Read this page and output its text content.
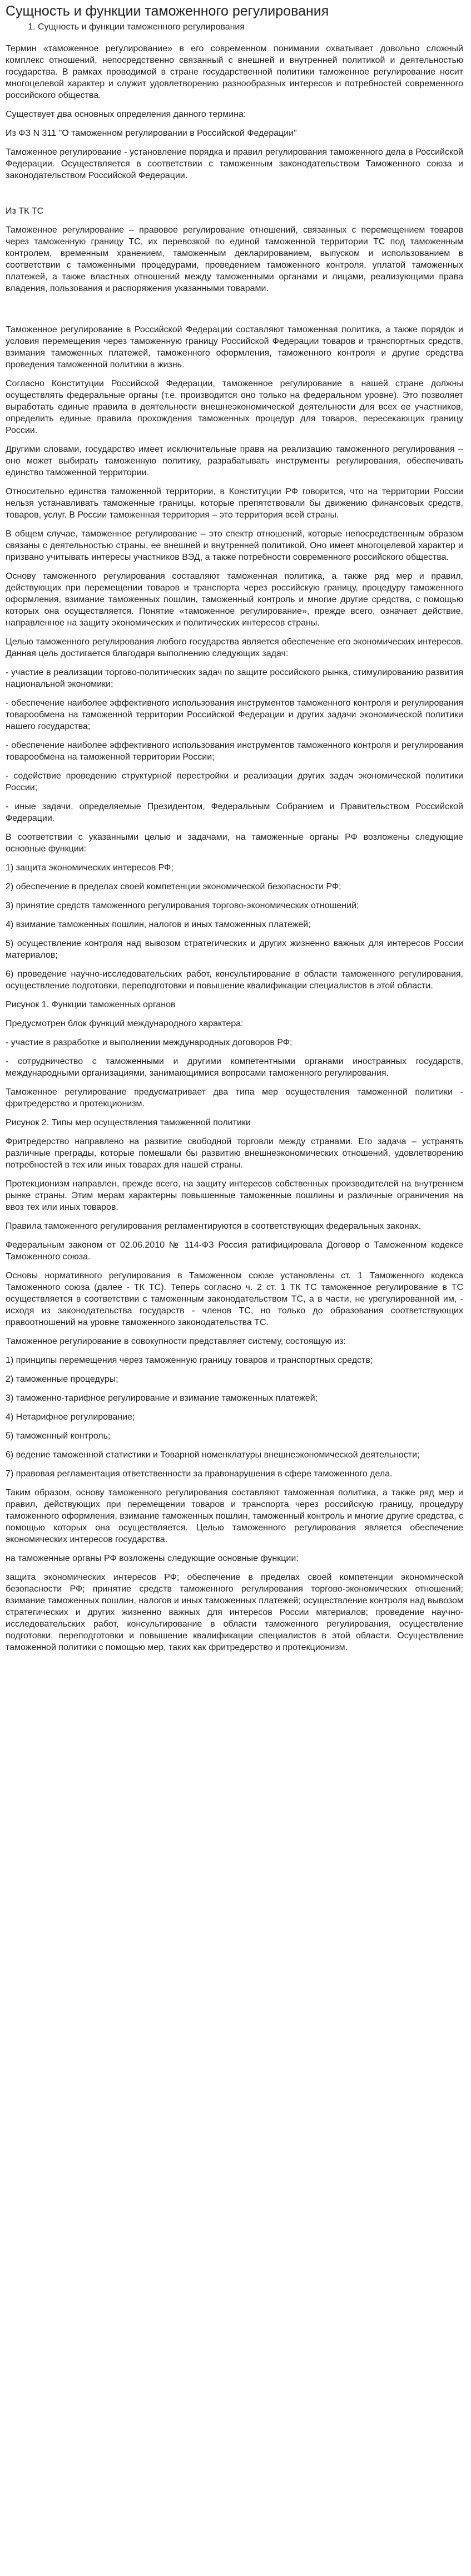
Сущность и функции таможенного регулирования
1. Сущность и функции таможенного регулирования

Термин «таможенное регулирование» в его современном понимании охватывает довольно сложный комплекс отношений, непосредственно связанный с внешней и внутренней политикой и деятельностью государства. В рамках проводимой в стране государственной политики таможенное регулирование носит многоцелевой характер и служит удовлетворению разнообразных интересов и потребностей современного российского общества.

Существует два основных определения данного термина:

Из ФЗ N 311 "О таможенном регулировании в Российской Федерации"

Таможенное регулирование - установление порядка и правил регулирования таможенного дела в Российской Федерации. Осуществляется в соответствии с таможенным законодательством Таможенного союза и законодательством Российской Федерации.

Из ТК ТС

Таможенное регулирование – правовое регулирование отношений, связанных с перемещением товаров через таможенную границу ТС, их перевозкой по единой таможенной территории ТС под таможенным контролем, временным хранением, таможенным декларированием, выпуском и использованием в соответствии с таможенными процедурами, проведением таможенного контроля, уплатой таможенных платежей, а также властных отношений между таможенными органами и лицами, реализующими права владения, пользования и распоряжения указанными товарами.

Таможенное регулирование в Российской Федерации составляют таможенная политика, а также порядок и условия перемещения через таможенную границу Российской Федерации товаров и транспортных средств, взимания таможенных платежей, таможенного оформления, таможенного контроля и другие средства проведения таможенной политики в жизнь.

Согласно Конституции Российской Федерации, таможенное регулирование в нашей стране должны осуществлять федеральные органы (т.е. производится оно только на федеральном уровне). Это позволяет выработать единые правила в деятельности внешнеэкономической деятельности для всех ее участников, определить единые правила прохождения таможенных процедур для товаров, пересекающих границу России.

Другими словами, государство имеет исключительные права на реализацию таможенного регулирования – оно может выбирать таможенную политику, разрабатывать инструменты регулирования, обеспечивать единство таможенной территории.

Относительно единства таможенной территории, в Конституции РФ говорится, что на территории России нельзя устанавливать таможенные границы, которые препятствовали бы движению финансовых средств, товаров, услуг. В России таможенная территория – это территория всей страны.

В общем случае, таможенное регулирование – это спектр отношений, которые непосредственным образом связаны с деятельностью страны, ее внешней и внутренней политикой. Оно имеет многоцелевой характер и призвано учитывать интересы участников ВЭД, а также потребности современного российского общества.

Основу таможенного регулирования составляют таможенная политика, а также ряд мер и правил, действующих при перемещении товаров и транспорта через российскую границу, процедуру таможенного оформления, взимание таможенных пошлин, таможенный контроль и многие другие средства, с помощью которых она осуществляется. Понятие «таможенное регулирование», прежде всего, означает действие, направленное на защиту экономических и политических интересов страны.

Целью таможенного регулирования любого государства является обеспечение его экономических интересов. Данная цель достигается благодаря выполнению следующих задач:

- участие в реализации торгово-политических задач по защите российского рынка, стимулированию развития национальной экономики;

- обеспечение наиболее эффективного использования инструментов таможенного контроля и регулирования товарообмена на таможенной территории Российской Федерации и других задачи экономической политики нашего государства;

- обеспечение наиболее эффективного использования инструментов таможенного контроля и регулирования товарообмена на таможенной территории России;

- содействие проведению структурной перестройки и реализации других задач экономической политики России;

- иные задачи, определяемые Президентом, Федеральным Собранием и Правительством Российской Федерации.

В соответствии с указанными целью и задачами, на таможенные органы РФ возложены следующие основные функции:

1) защита экономических интересов РФ;

2) обеспечение в пределах своей компетенции экономической безопасности РФ;

3) принятие средств таможенного регулирования торгово-экономических отношений;

4) взимание таможенных пошлин, налогов и иных таможенных платежей;

5) осуществление контроля над вывозом стратегических и других жизненно важных для интересов России материалов;

6) проведение научно-исследовательских работ, консультирование в области таможенного регулирования, осуществление подготовки, переподготовки и повышение квалификации специалистов в этой области.

Рисунок 1. Функции таможенных органов

Предусмотрен блок функций международного характера:

- участие в разработке и выполнении международных договоров РФ;

- сотрудничество с таможенными и другими компетентными органами иностранных государств, международными организациями, занимающимися вопросами таможенного регулирования.

Таможенное регулирование предусматривает два типа мер осуществления таможенной политики - фритредерство и протекционизм.

Рисунок 2. Типы мер осуществления таможенной политики

Фритредерство направлено на развитие свободной торговли между странами. Его задача – устранять различные преграды, которые помешали бы развитию внешнеэкономических отношений, удовлетворению потребностей в тех или иных товарах для нашей страны.

Протекционизм направлен, прежде всего, на защиту интересов собственных производителей на внутреннем рынке страны. Этим мерам характерны повышенные таможенные пошлины и различные ограничения на ввоз тех или иных товаров.

Правила таможенного регулирования регламентируются в соответствующих федеральных законах.

Федеральным законом от 02.06.2010 № 114-ФЗ Россия ратифицировала Договор о Таможенном кодексе Таможенного союза.

Основы нормативного регулирования в Таможенном союзе установлены ст. 1 Таможенного кодекса Таможенного союза (далее - ТК ТС). Теперь согласно ч. 2 ст. 1 ТК ТС таможенное регулирование в ТС осуществляется в соответствии с таможенным законодательством ТС, а в части, не урегулированной им, - исходя из законодательства государств - членов ТС, но только до образования соответствующих правоотношений на уровне таможенного законодательства ТС.

Таможенное регулирование в совокупности представляет систему, состоящую из:

1) принципы перемещения через таможенную границу товаров и транспортных средств;

2) таможенные процедуры;

3) таможенно-тарифное регулирование и взимание таможенных платежей;

4) Нетарифное регулирование;

5) таможенный контроль;

6) ведение таможенной статистики и Товарной номенклатуры внешнеэкономической деятельности;

7) правовая регламентация ответственности за правонарушения в сфере таможенного дела.

Таким образом, основу таможенного регулирования составляют таможенная политика, а также ряд мер и правил, действующих при перемещении товаров и транспорта через российскую границу, процедуру таможенного оформления, взимание таможенных пошлин, таможенный контроль и многие другие средства, с помощью которых она осуществляется. Целью таможенного регулирования является обеспечение экономических интересов государства.

на таможенные органы РФ возложены следующие основные функции:

защита экономических интересов РФ; обеспечение в пределах своей компетенции экономической безопасности РФ; принятие средств таможенного регулирования торгово-экономических отношений; взимание таможенных пошлин, налогов и иных таможенных платежей; осуществление контроля над вывозом стратегических и других жизненно важных для интересов России материалов; проведение научно-исследовательских работ, консультирование в области таможенного регулирования, осуществление подготовки, переподготовки и повышение квалификации специалистов в этой области. Осуществление таможенной политики с помощью мер, таких как фритредерство и протекционизм.
